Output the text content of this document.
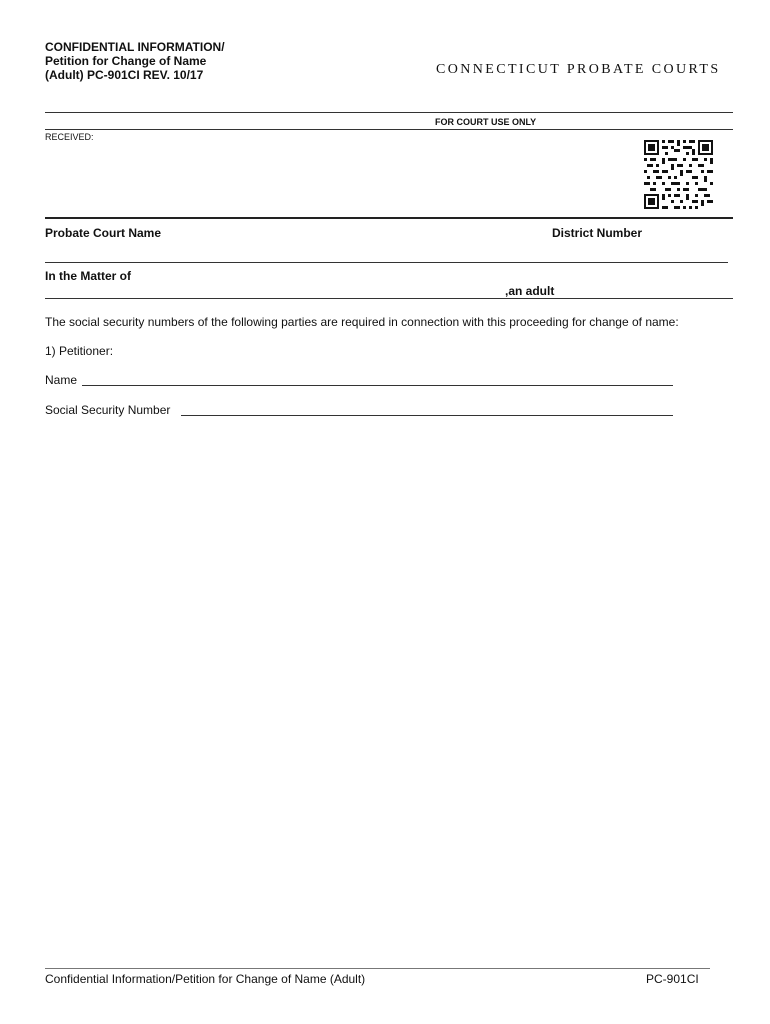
CONFIDENTIAL INFORMATION/
Petition for Change of Name
(Adult) PC-901CI REV. 10/17	CONNECTICUT PROBATE COURTS
FOR COURT USE ONLY
RECEIVED:
Probate Court Name	District Number
In the Matter of
,an adult
The social security numbers of the following parties are required in connection with this proceeding for change of name:
1) Petitioner:
Name
Social Security Number
Confidential Information/Petition for Change of Name (Adult)	PC-901CI
